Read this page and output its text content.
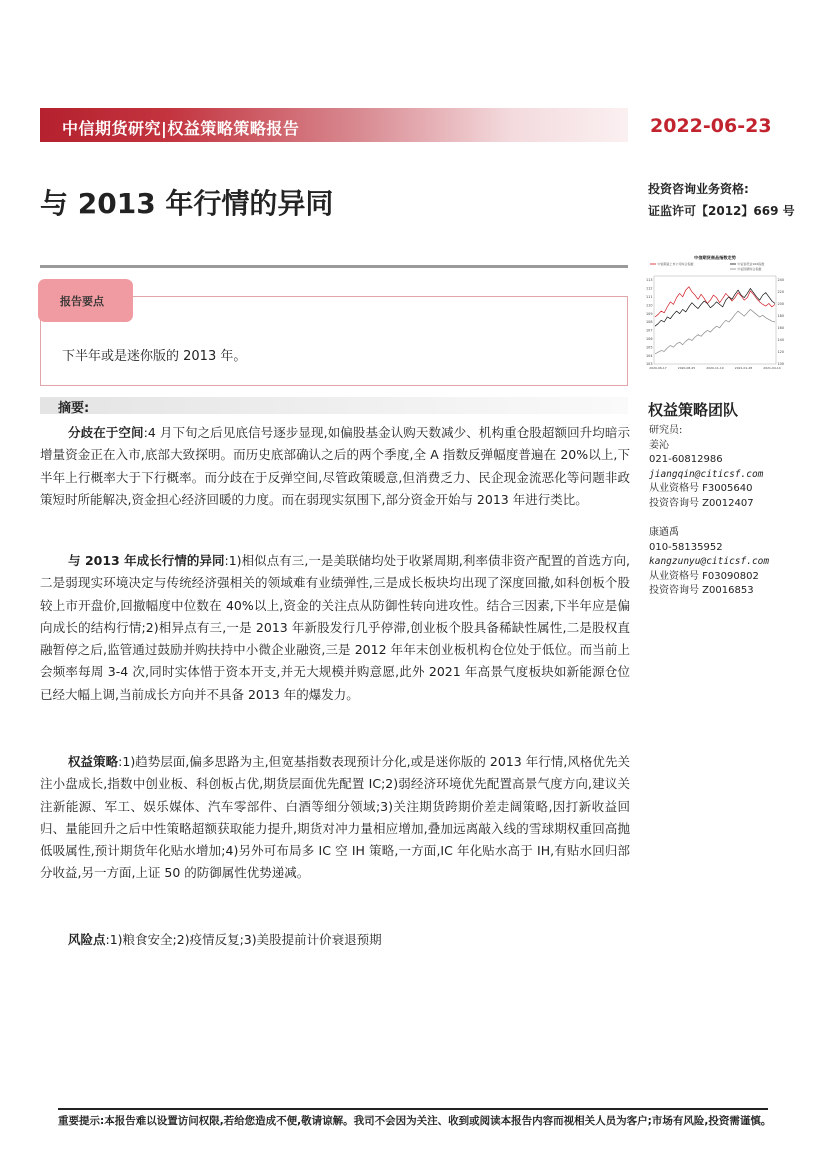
中信期货研究|权益策略策略报告	2022-06-23
与 2013 年行情的异同	投资咨询业务资格:
证监许可【2012】669 号
报告要点
下半年或是迷你版的 2013 年。
中信期货商品指数走势
中信期货上市公司综合指数	中证信托业100指数
中证国债综合指数
113
112
111
110
109
108
107
106
105
104
103
240
220
200
180
160
140
120
100
2020-06-17	2020-08-25	2020-11-10	2021-01-28	2021-04-14
摘要:
分歧在于空间:4 月下旬之后见底信号逐步显现,如偏股基金认购天数减少、机构重仓股超额回升均暗示增量资金正在入市,底部大致探明。而历史底部确认之后的两个季度,全 A 指数反弹幅度普遍在 20%以上,下半年上行概率大于下行概率。而分歧在于反弹空间,尽管政策暖意,但消费乏力、民企现金流恶化等问题非政策短时所能解决,资金担心经济回暖的力度。而在弱现实氛围下,部分资金开始与 2013 年进行类比。
与 2013 年成长行情的异同:1)相似点有三,一是美联储均处于收紧周期,利率债非资产配置的首选方向,二是弱现实环境决定与传统经济强相关的领域难有业绩弹性,三是成长板块均出现了深度回撤,如科创板个股较上市开盘价,回撤幅度中位数在 40%以上,资金的关注点从防御性转向进攻性。结合三因素,下半年应是偏向成长的结构行情;2)相异点有三,一是 2013 年新股发行几乎停滞,创业板个股具备稀缺性属性,二是股权直融暂停之后,监管通过鼓励并购扶持中小微企业融资,三是 2012 年年末创业板机构仓位处于低位。而当前上会频率每周 3-4 次,同时实体惜于资本开支,并无大规模并购意愿,此外 2021 年高景气度板块如新能源仓位已经大幅上调,当前成长方向并不具备 2013 年的爆发力。
权益策略:1)趋势层面,偏多思路为主,但宽基指数表现预计分化,或是迷你版的 2013 年行情,风格优先关注小盘成长,指数中创业板、科创板占优,期货层面优先配置 IC;2)弱经济环境优先配置高景气度方向,建议关注新能源、军工、娱乐媒体、汽车零部件、白酒等细分领域;3)关注期货跨期价差走阔策略,因打新收益回归、量能回升之后中性策略超额获取能力提升,期货对冲力量相应增加,叠加远离敲入线的雪球期权重回高抛低吸属性,预计期货年化贴水增加;4)另外可布局多 IC 空 IH 策略,一方面,IC 年化贴水高于 IH,有贴水回归部分收益,另一方面,上证 50 的防御属性优势递减。
风险点:1)粮食安全;2)疫情反复;3)美股提前计价衰退预期
权益策略团队
研究员:
姜沁
021-60812986
jiangqin@citicsf.com
从业资格号 F3005640
投资咨询号 Z0012407
康遒禹
010-58135952
kangzunyu@citicsf.com
从业资格号 F03090802
投资咨询号 Z0016853
重要提示:本报告难以设置访问权限,若给您造成不便,敬请谅解。我司不会因为关注、收到或阅读本报告内容而视相关人员为客户;市场有风险,投资需谨慎。
